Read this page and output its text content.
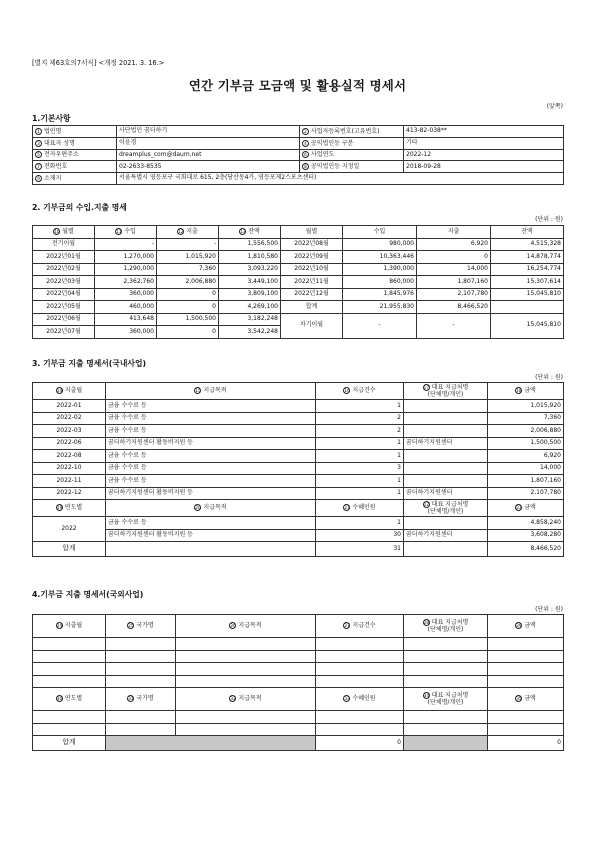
[별지 제63호의7서식] <개정 2021. 3. 16.>
연간 기부금 모금액 및 활용실적 명세서
(앞쪽)
1.기본사항
1 법인명	사단법인 꿈더하기	2 사업자등록번호(고유번호)	413-82-038**
3 대표자 성명	이윤경	4 공익법인등 구분	기타
5 전자우편주소	dreamplus_com@daum.net	6 사업연도	2022-12
7 전화번호	02-2633-8535	8 공익법인등 지정일	2018-09-28
9 소재지	서울특별시 영등포구 국회대로 615, 2층(당산동4가, 영등포제2스포츠센터)		
2. 기부금의 수입.지출 명세
(단위 : 원)
10 월별	11 수입	12 지출	13 잔액	월별	수입	지출	잔액
전기이월	-	-	1,556,500	2022년08월	980,000	6,920	4,515,328
2022년01월	1,270,000	1,015,920	1,810,580	2022년09월	10,363,446	0	14,878,774
2022년02월	1,290,000	7,360	3,093,220	2022년10월	1,390,000	14,000	16,254,774
2022년03월	2,362,760	2,006,880	3,449,100	2022년11월	860,000	1,807,160	15,307,614
2022년04월	360,000	0	3,809,100	2022년12월	1,845,976	2,107,780	15,045,810
2022년05월	460,000	0	4,269,100	합계	21,955,830	8,466,520	
2022년06월	413,648	1,500,500	3,182,248	차기이월	-	-	15,045,810
2022년07월	360,000	0	3,542,248				
3. 기부금 지출 명세서(국내사업)
(단위 : 원)
14 지출월	15 지급목적	16 지급건수	17 대표 지급처명
(단체명/개인)	18 금액
2022-01	금융 수수료 등	1		1,015,920
2022-02	금융 수수료 등	2		7,360
2022-03	금융 수수료 등	2		2,006,880
2022-06	꿈더하기지원센터 활동비지원 등	1	꿈더하기지원센터	1,500,500
2022-08	금융 수수료 등	1		6,920
2022-10	금융 수수료 등	3		14,000
2022-11	금융 수수료 등	1		1,807,160
2022-12	꿈더하기지원센터 활동비지원 등	1	꿈더하기지원센터	2,107,780
19 연도별	20 지급목적	21 수혜인원	22 대표 지급처명
(단체명/개인)	23 금액
2022	금융 수수료 등	1		4,858,240
	꿈더하기지원센터 활동비지원 등	30	꿈더하기지원센터	3,608,280
합계		31		8,466,520
4.기부금 지출 명세서(국외사업)
(단위 : 원)
24 지출월	25 국가명	26 지급목적	27 지급건수	28 대표 지급처명
(단체명/개인)	29 금액

30 연도별	31 국가명	32 지급목적	33 수혜인원	34 대표 지급처명
(단체명/개인)	35 금액

합계			0		0
